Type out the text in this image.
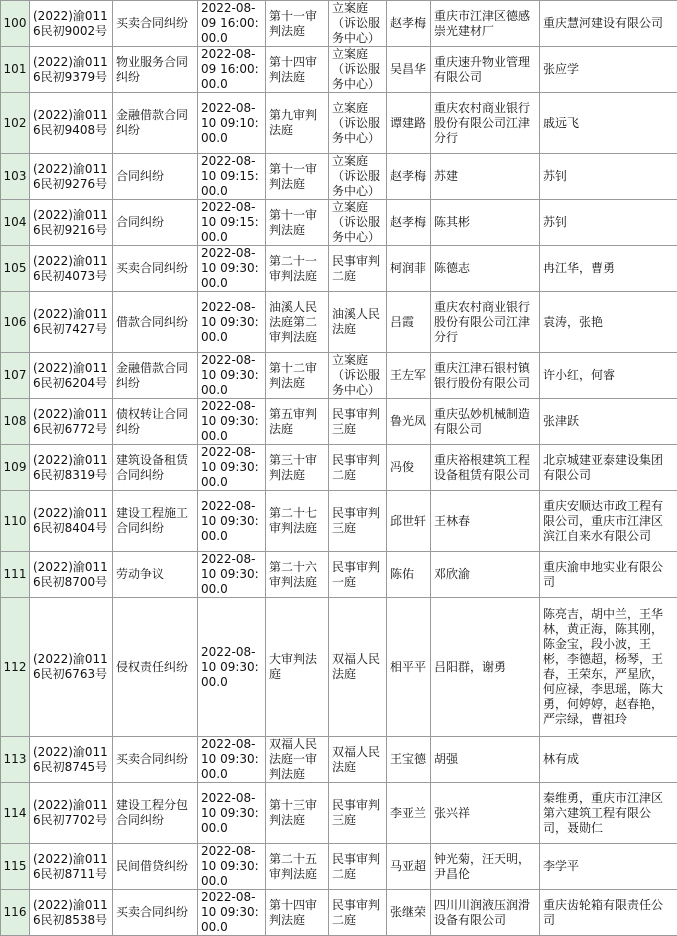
100	(2022)渝0116民初9002号	买卖合同纠纷	2022-08-09 16:00:00.0	第十一审判法庭	立案庭（诉讼服务中心）	赵孝梅	重庆市江津区德感崇光建材厂	重庆慧河建设有限公司
101	(2022)渝0116民初9379号	物业服务合同纠纷	2022-08-09 16:00:00.0	第十四审判法庭	立案庭（诉讼服务中心）	吴昌华	重庆速升物业管理有限公司	张应学
102	(2022)渝0116民初9408号	金融借款合同纠纷	2022-08-10 09:10:00.0	第九审判法庭	立案庭（诉讼服务中心）	谭建路	重庆农村商业银行股份有限公司江津分行	戚远飞
103	(2022)渝0116民初9276号	合同纠纷	2022-08-10 09:15:00.0	第十一审判法庭	立案庭（诉讼服务中心）	赵孝梅	苏建	苏钊
104	(2022)渝0116民初9216号	合同纠纷	2022-08-10 09:15:00.0	第十一审判法庭	立案庭（诉讼服务中心）	赵孝梅	陈其彬	苏钊
105	(2022)渝0116民初4073号	买卖合同纠纷	2022-08-10 09:30:00.0	第二十一审判法庭	民事审判二庭	柯润菲	陈德志	冉江华，曹勇
106	(2022)渝0116民初7427号	借款合同纠纷	2022-08-10 09:30:00.0	油溪人民法庭第二审判法庭	油溪人民法庭	吕霞	重庆农村商业银行股份有限公司江津分行	袁涛，张艳
107	(2022)渝0116民初6204号	金融借款合同纠纷	2022-08-10 09:30:00.0	第十二审判法庭	立案庭（诉讼服务中心）	王左军	重庆江津石银村镇银行股份有限公司	许小红，何睿
108	(2022)渝0116民初6772号	债权转让合同纠纷	2022-08-10 09:30:00.0	第五审判法庭	民事审判三庭	鲁光凤	重庆弘妙机械制造有限公司	张津跃
109	(2022)渝0116民初8319号	建筑设备租赁合同纠纷	2022-08-10 09:30:00.0	第三十审判法庭	民事审判二庭	冯俊	重庆裕根建筑工程设备租赁有限公司	北京城建亚泰建设集团有限公司
110	(2022)渝0116民初8404号	建设工程施工合同纠纷	2022-08-10 09:30:00.0	第二十七审判法庭	民事审判三庭	邱世轩	王林春	重庆安顺达市政工程有限公司，重庆市江津区滨江自来水有限公司
111	(2022)渝0116民初8700号	劳动争议	2022-08-10 09:30:00.0	第二十六审判法庭	民事审判一庭	陈佑	邓欣渝	重庆渝申地实业有限公司
112	(2022)渝0116民初6763号	侵权责任纠纷	2022-08-10 09:30:00.0	大审判法庭	双福人民法庭	相平平	吕阳群，谢勇	陈亮吉，胡中兰，王华林，黄正海，陈其刚，陈金宝，段小波，王彬，李德超，杨琴，王春，王荣东，严星欣，何应禄，李思瑶，陈大勇，何婷婷，赵春艳，严宗绿，曹祖玲
113	(2022)渝0116民初8745号	买卖合同纠纷	2022-08-10 09:30:00.0	双福人民法庭一审判法庭	双福人民法庭	王宝德	胡强	林有成
114	(2022)渝0116民初7702号	建设工程分包合同纠纷	2022-08-10 09:30:00.0	第十三审判法庭	民事审判三庭	李亚兰	张兴祥	秦维勇，重庆市江津区第六建筑工程有限公司，聂勋仁
115	(2022)渝0116民初8711号	民间借贷纠纷	2022-08-10 09:30:00.0	第二十五审判法庭	民事审判二庭	马亚超	钟光菊，汪天明，尹昌伦	李学平
116	(2022)渝0116民初8538号	买卖合同纠纷	2022-08-10 09:30:00.0	第十四审判法庭	民事审判二庭	张继荣	四川川润液压润滑设备有限公司	重庆齿轮箱有限责任公司
